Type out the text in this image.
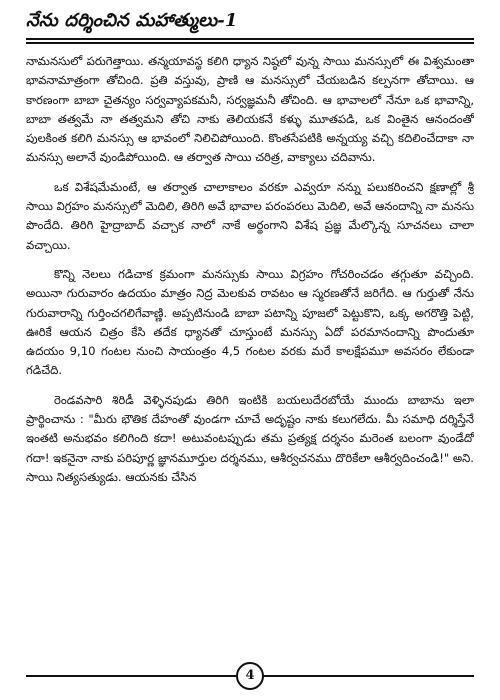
నేను దర్శించిన మహాత్ములు-1

నామనసులో పరుగెత్తాయి. తన్మయావస్థ కలిగి ధ్యాన నిష్ఠలో వున్న సాయి మనస్సులో ఈ విశ్వమంతా భావనామాత్రంగా తోచింది. ప్రతి వస్తువు, ప్రాణి ఆ మనస్సులో చేయబడిన కల్పనగా తోచాయి. ఆ కారణంగా బాబా చైతన్యం సర్వవ్యాపకమనీ, సర్వజ్ఞమనీ తోచింది. ఆ భావాలలో నేనూ ఒక భావాన్ని, బాబా తత్వమే నా తత్వమని తోచి నాకు తెలియకనే కళ్ళు మూతపడి, ఒక వింతైన ఆనందంతో పులకింత కలిగి మనస్సు ఆ భావంలో నిలిచిపోయింది. కొంతసేపటికి అన్నయ్య వచ్చి కదిలించేదాకా నా మనస్సు అలానే వుండిపోయింది. ఆ తర్వాత సాయి చరిత్ర, వాక్యాలు చదివాను.

ఒక విశేషమేమంటే, ఆ తర్వాత చాలాకాలం వరకూ ఎవ్వరూ నన్ను పలుకరించని క్షణాల్లో శ్రీ సాయి విగ్రహం మనస్సులో మెదిలి, తిరిగి అవే భావాల పరంపరలు మెదిలి, అవే ఆనందాన్ని నా మనసు పొందేది. తిరిగి హైద్రాబాద్ వచ్చాక నాలో నాకే అర్థంగాని విశేష ప్రజ్ఞ మేల్కొన్న సూచనలు చాలా వచ్చాయి.

కొన్ని నెలలు గడిచాక క్రమంగా మనస్సుకు సాయి విగ్రహం గోచరించడం తగ్గుతూ వచ్చింది. అయినా గురువారం ఉదయం మాత్రం నిద్ర మెలకువ రావటం ఆ స్మరణతోనే జరిగేది. ఆ గుర్తుతో నేను గురువారాన్ని గుర్తించగలిగేవాణ్ణి. అప్పటినుండి బాబా పటాన్ని పూజలో పెట్టుకొని, ఒక్క అగరొత్తి పెట్టి, ఊరికే ఆయన చిత్రం కేసి తదేక ధ్యానతో చూస్తుంటే మనస్సు ఏదో పరమానందాన్ని పొందుతూ ఉదయం 9,10 గంటల నుంచి సాయంత్రం 4,5 గంటల వరకు మరే కాలక్షేపమూ అవసరం లేకుండా గడిచేది.

రెండవసారి శిరిడీ వెళ్ళినపుడు తిరిగి ఇంటికి బయలుదేరబోయే ముందు బాబాను ఇలా ప్రార్థించాను : "మీరు భౌతిక దేహంతో వుండగా చూచే అదృష్టం నాకు కలుగలేదు. మీ సమాధి దర్శిస్తేనే ఇంతటి అనుభవం కలిగింది కదా! అటువంటప్పుడు తమ ప్రత్యక్ష దర్శనం మరెంత బలంగా వుండేదో గదా! ఇకనైనా నాకు పరిపూర్ణ జ్ఞానమూర్తుల దర్శనము, ఆశీర్వచనము దొరికేలా ఆశీర్వదించండి!" అని. సాయి నిత్యసత్యుడు. ఆయనకు చేసిన

4
